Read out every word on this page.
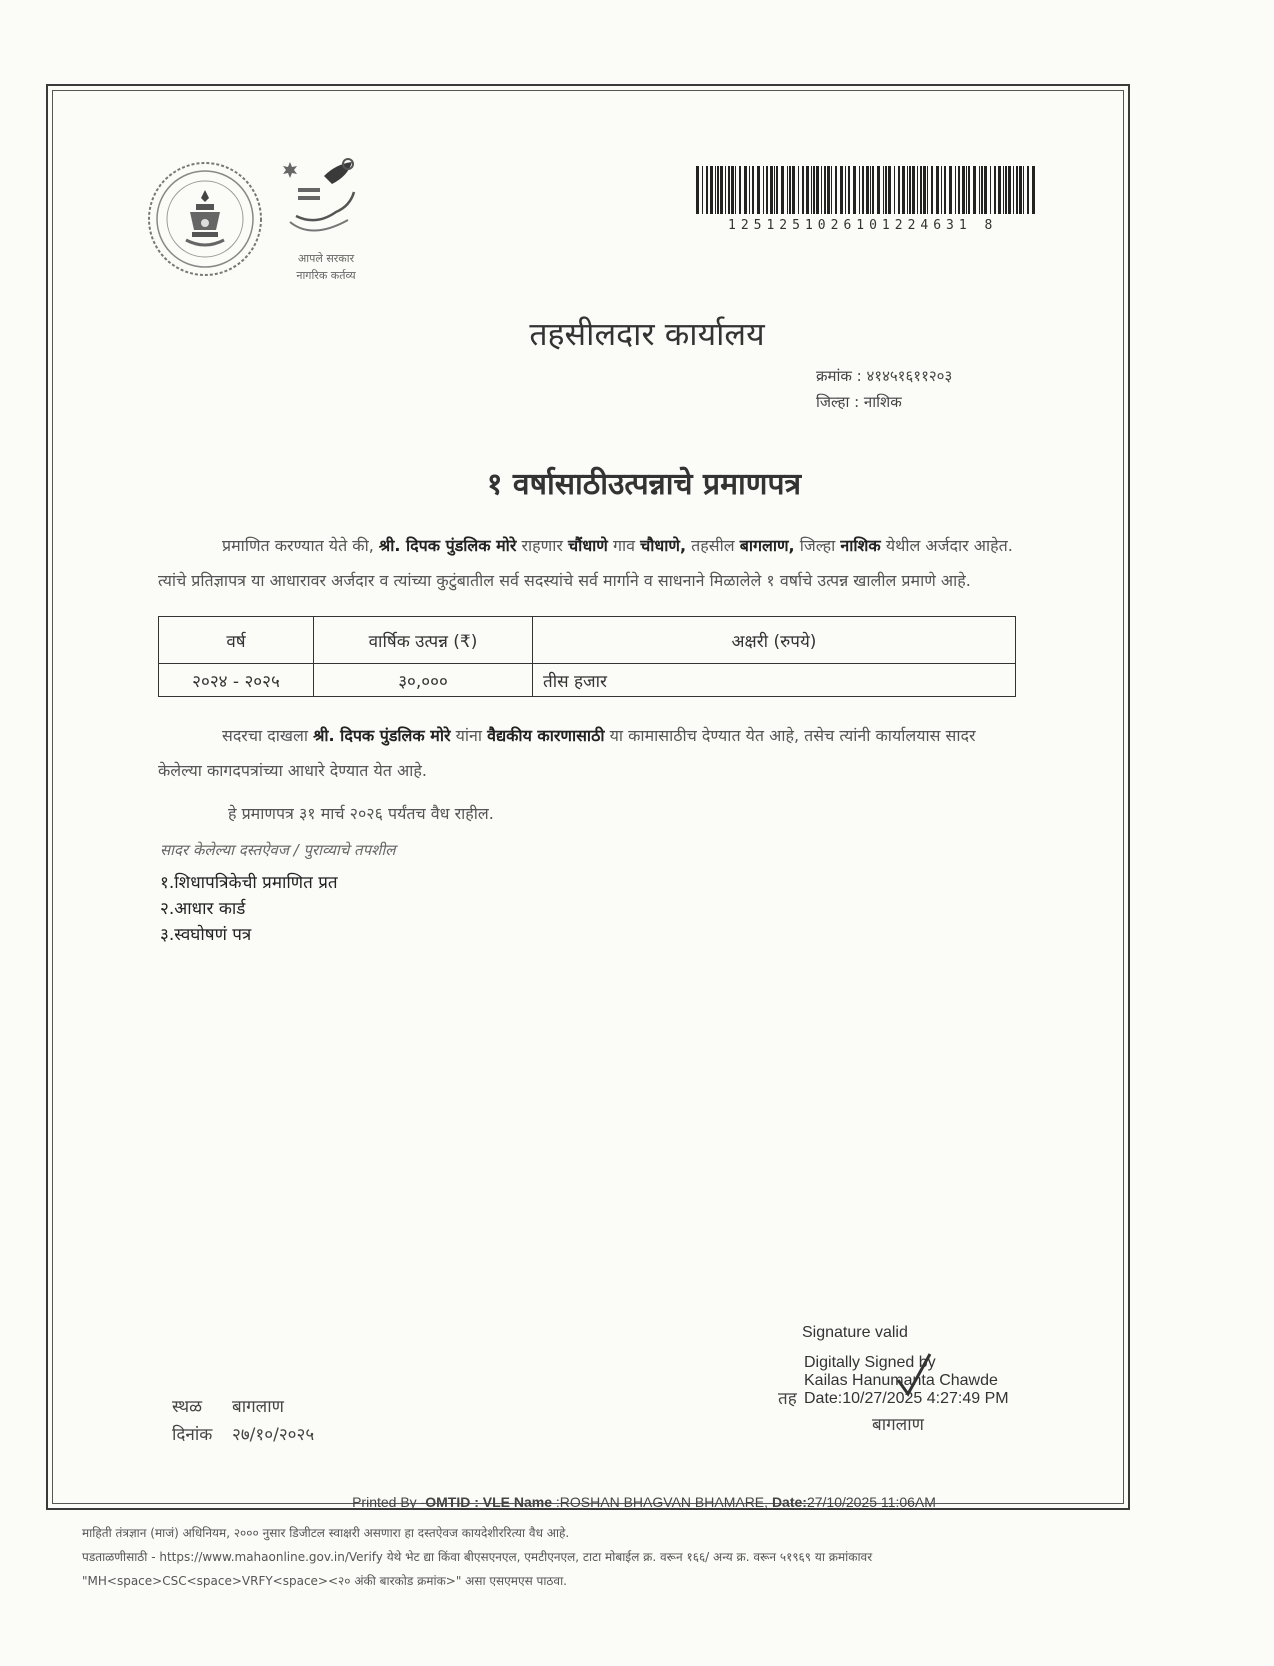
आपले सरकार
नागरिक कर्तव्य
1251251026101224631 8
तहसीलदार कार्यालय
क्रमांक : ४१४५१६११२०३
जिल्हा : नाशिक
१ वर्षासाठीउत्पन्नाचे प्रमाणपत्र
प्रमाणित करण्यात येते की, श्री. दिपक पुंडलिक मोरे राहणार चौंधाणे गाव चौधाणे, तहसील बागलाण, जिल्हा नाशिक येथील अर्जदार आहेत. त्यांचे प्रतिज्ञापत्र या आधारावर अर्जदार व त्यांच्या कुटुंबातील सर्व सदस्यांचे सर्व मार्गाने व साधनाने मिळालेले १ वर्षाचे उत्पन्न खालील प्रमाणे आहे.
वर्ष	वार्षिक उत्पन्न (₹)	अक्षरी (रुपये)
२०२४ - २०२५	३०,०००	तीस हजार
सदरचा दाखला श्री. दिपक पुंडलिक मोरे यांना वैद्यकीय कारणासाठी या कामासाठीच देण्यात येत आहे, तसेच त्यांनी कार्यालयास सादर केलेल्या कागदपत्रांच्या आधारे देण्यात येत आहे.
हे प्रमाणपत्र ३१ मार्च २०२६ पर्यंतच वैध राहील.
सादर केलेल्या दस्तऐवज / पुराव्याचे तपशील
१.शिधापत्रिकेची प्रमाणित प्रत
२.आधार कार्ड
३.स्वघोषणं पत्र
Signature valid
Digitally Signed by
Kailas Hanumanta Chawde
Date:10/27/2025 4:27:49 PM
तह
बागलाण
स्थळ बागलाण
दिनांक २७/१०/२०२५
Printed By -OMTID : VLE Name :ROSHAN BHAGVAN BHAMARE, Date:27/10/2025 11:06AM
माहिती तंत्रज्ञान (माजं) अधिनियम, २००० नुसार डिजीटल स्वाक्षरी असणारा हा दस्तऐवज कायदेशीररित्या वैध आहे.
पडताळणीसाठी - https://www.mahaonline.gov.in/Verify येथे भेट द्या किंवा बीएसएनएल, एमटीएनएल, टाटा मोबाईल क्र. वरून १६६/ अन्य क्र. वरून ५१९६९ या क्रमांकावर
"MH<space>CSC<space>VRFY<space><२० अंकी बारकोड क्रमांक>" असा एसएमएस पाठवा.
